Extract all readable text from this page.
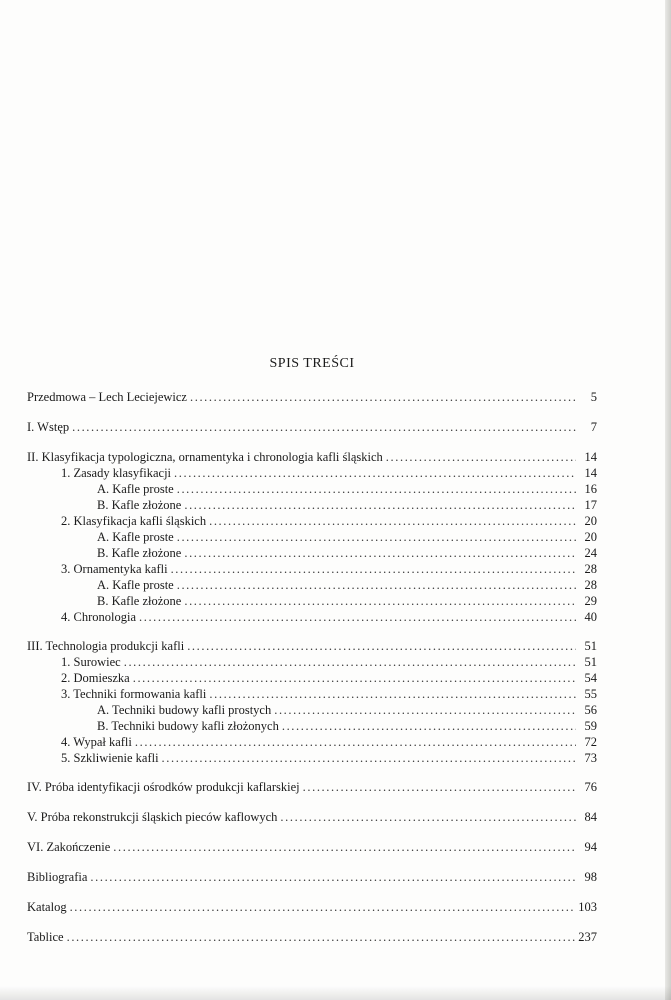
SPIS TREŚCI
Przedmowa – Lech Leciejewicz .....	5
I. Wstęp .....	7
II. Klasyfikacja typologiczna, ornamentyka i chronologia kafli śląskich .....	14
1. Zasady klasyfikacji .....	14
A. Kafle proste .....	16
B. Kafle złożone .....	17
2. Klasyfikacja kafli śląskich .....	20
A. Kafle proste .....	20
B. Kafle złożone .....	24
3. Ornamentyka kafli .....	28
A. Kafle proste .....	28
B. Kafle złożone .....	29
4. Chronologia .....	40
III. Technologia produkcji kafli .....	51
1. Surowiec .....	51
2. Domieszka .....	54
3. Techniki formowania kafli .....	55
A. Techniki budowy kafli prostych .....	56
B. Techniki budowy kafli złożonych .....	59
4. Wypał kafli .....	72
5. Szkliwienie kafli .....	73
IV. Próba identyfikacji ośrodków produkcji kaflarskiej .....	76
V. Próba rekonstrukcji śląskich pieców kaflowych .....	84
VI. Zakończenie .....	94
Bibliografia .....	98
Katalog .....	103
Tablice .....	237
